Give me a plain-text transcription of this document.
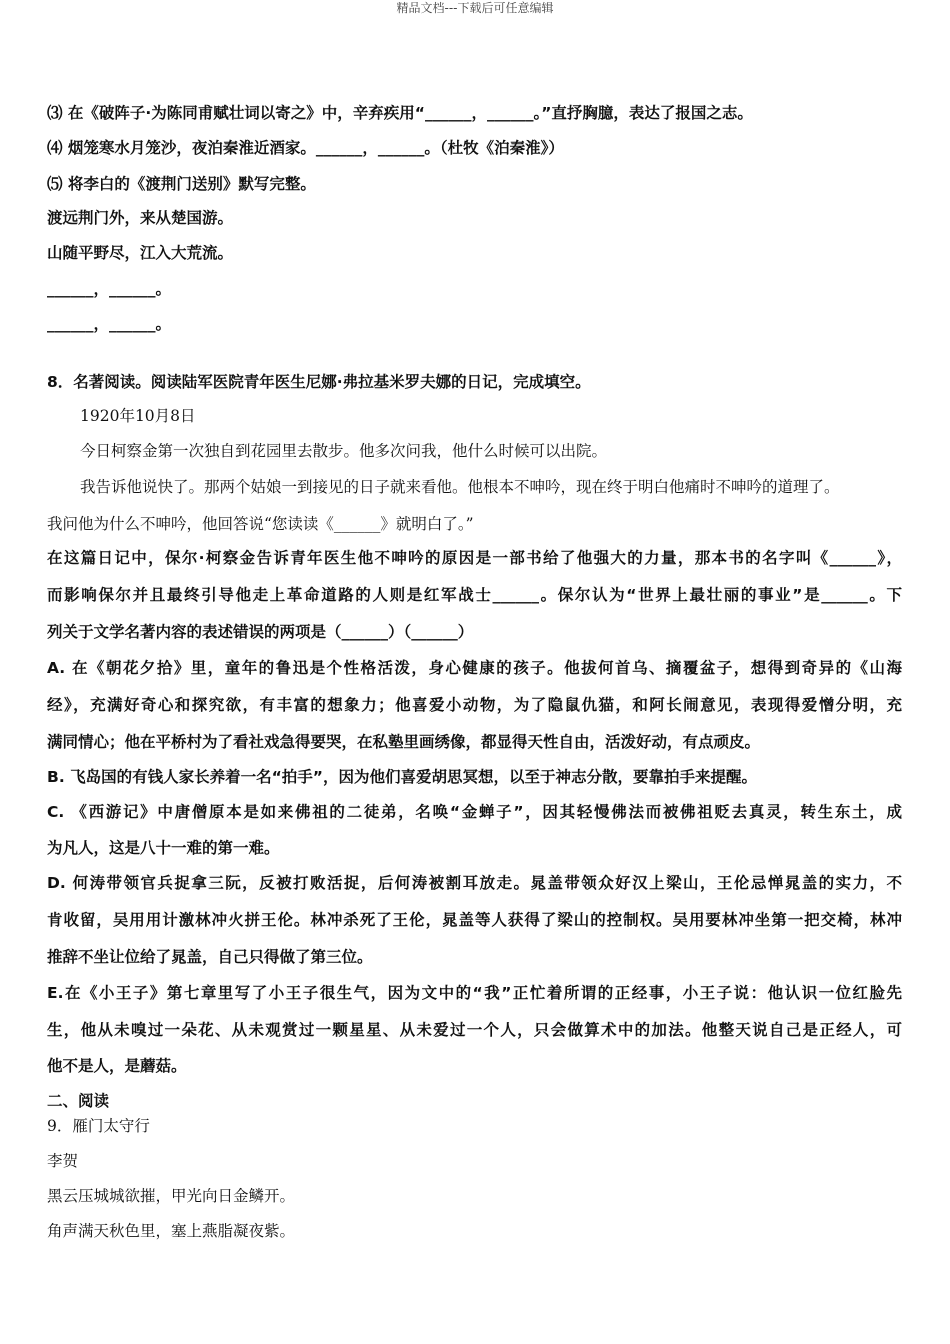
精品文档---下载后可任意编辑
⑶ 在《破阵子·为陈同甫赋壮词以寄之》中，辛弃疾用“______，______。”直抒胸臆，表达了报国之志。
⑷ 烟笼寒水月笼沙，夜泊秦淮近酒家。______，______。（杜牧《泊秦淮》）
⑸ 将李白的《渡荆门送别》默写完整。
渡远荆门外，来从楚国游。
山随平野尽，江入大荒流。
______，______。
______，______。
8．名著阅读。阅读陆军医院青年医生尼娜·弗拉基米罗夫娜的日记，完成填空。
1920年10月8日
今日柯察金第一次独自到花园里去散步。他多次问我，他什么时候可以出院。
我告诉他说快了。那两个姑娘一到接见的日子就来看他。他根本不呻吟，现在终于明白他痛时不呻吟的道理了。
我问他为什么不呻吟，他回答说“您读读《______》就明白了。”
在这篇日记中，保尔·柯察金告诉青年医生他不呻吟的原因是一部书给了他强大的力量，那本书的名字叫《______》，
而影响保尔并且最终引导他走上革命道路的人则是红军战士______。保尔认为“世界上最壮丽的事业”是______。下
列关于文学名著内容的表述错误的两项是（______）（______）
A. 在《朝花夕拾》里，童年的鲁迅是个性格活泼，身心健康的孩子。他拔何首乌、摘覆盆子，想得到奇异的《山海
经》，充满好奇心和探究欲，有丰富的想象力；他喜爱小动物，为了隐鼠仇猫，和阿长闹意见，表现得爱憎分明，充
满同情心；他在平桥村为了看社戏急得要哭，在私塾里画绣像，都显得天性自由，活泼好动，有点顽皮。
B. 飞岛国的有钱人家长养着一名“拍手”，因为他们喜爱胡思冥想，以至于神志分散，要靠拍手来提醒。
C. 《西游记》中唐僧原本是如来佛祖的二徒弟，名唤“金蝉子”，因其轻慢佛法而被佛祖贬去真灵，转生东土，成
为凡人，这是八十一难的第一难。
D. 何涛带领官兵捉拿三阮，反被打败活捉，后何涛被割耳放走。晁盖带领众好汉上梁山，王伦忌惮晁盖的实力，不
肯收留，吴用用计激林冲火拼王伦。林冲杀死了王伦，晁盖等人获得了梁山的控制权。吴用要林冲坐第一把交椅，林冲
推辞不坐让位给了晁盖，自己只得做了第三位。
E.在《小王子》第七章里写了小王子很生气，因为文中的“我”正忙着所谓的正经事，小王子说：他认识一位红脸先
生，他从未嗅过一朵花、从未观赏过一颗星星、从未爱过一个人，只会做算术中的加法。他整天说自己是正经人，可
他不是人，是蘑菇。
二、阅读
9．雁门太守行
李贺
黑云压城城欲摧，甲光向日金鳞开。
角声满天秋色里，塞上燕脂凝夜紫。
